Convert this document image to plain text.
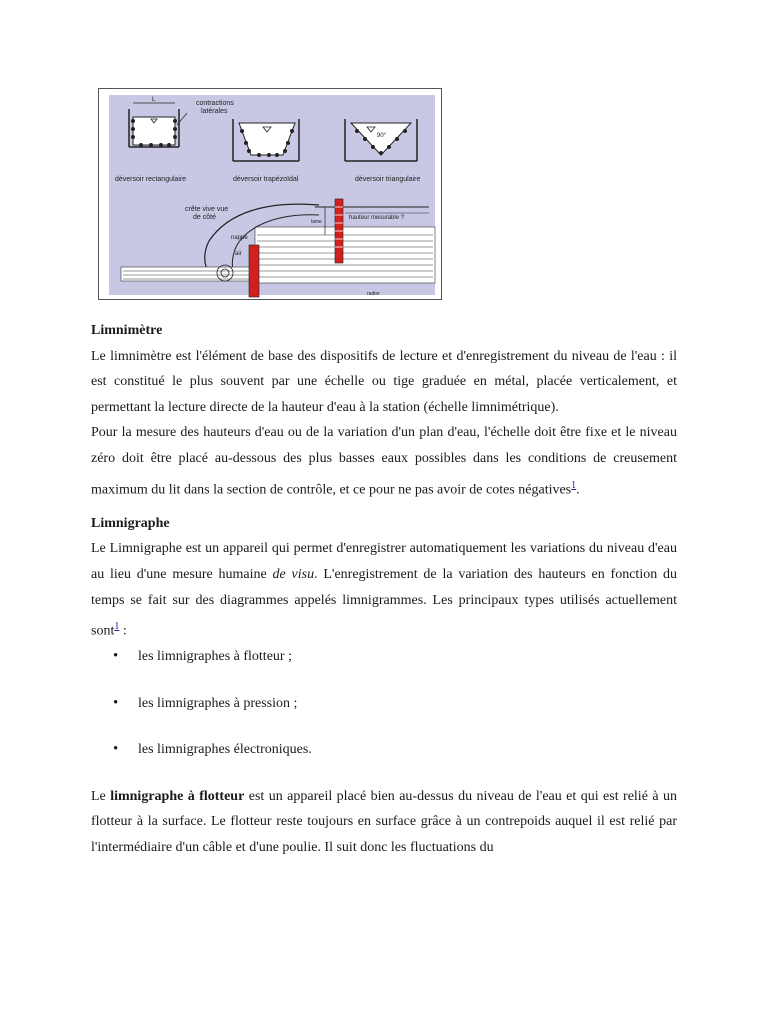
L	contractions
latérales
déversoir rectangulaire	déversoir trapézoïdal
90°
déversoir triangulaire
crête vive vue
de côté
nappe
air
lame
hauteur mesurable ?
radier
Limnimètre

Le limnimètre est l'élément de base des dispositifs de lecture et d'enregistrement du niveau de l'eau : il est constitué le plus souvent par une échelle ou tige graduée en métal, placée verticalement, et permettant la lecture directe de la hauteur d'eau à la station (échelle limnimétrique).

Pour la mesure des hauteurs d'eau ou de la variation d'un plan d'eau, l'échelle doit être fixe et le niveau zéro doit être placé au-dessous des plus basses eaux possibles dans les conditions de creusement maximum du lit dans la section de contrôle, et ce pour ne pas avoir de cotes négatives$^1$.

Limnigraphe

Le Limnigraphe est un appareil qui permet d'enregistrer automatiquement les variations du niveau d'eau au lieu d'une mesure humaine de visu. L'enregistrement de la variation des hauteurs en fonction du temps se fait sur des diagrammes appelés limnigrammes. Les principaux types utilisés actuellement sont$^1$ :

• les limnigraphes à flotteur ;
• les limnigraphes à pression ;
• les limnigraphes électroniques.

Le limnigraphe à flotteur est un appareil placé bien au-dessus du niveau de l'eau et qui est relié à un flotteur à la surface. Le flotteur reste toujours en surface grâce à un contrepoids auquel il est relié par l'intermédiaire d'un câble et d'une poulie. Il suit donc les fluctuations du
